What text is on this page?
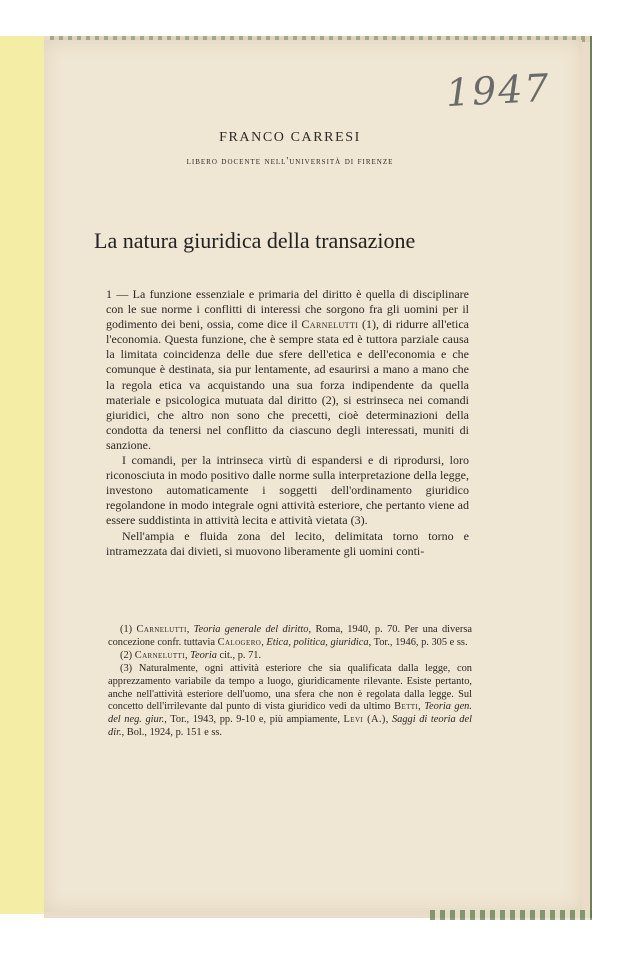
1947
FRANCO CARRESI
libero docente nell'università di firenze
La natura giuridica della transazione

1 — La funzione essenziale e primaria del diritto è quella di disciplinare con le sue norme i conflitti di interessi che sorgono fra gli uomini per il godimento dei beni, ossia, come dice il Carnelutti (1), di ridurre all'etica l'economia. Questa funzione, che è sempre stata ed è tuttora parziale causa la limitata coincidenza delle due sfere dell'etica e dell'economia e che comunque è destinata, sia pur lentamente, ad esaurirsi a mano a mano che la regola etica va acquistando una sua forza indipendente da quella materiale e psicologica mutuata dal diritto (2), si estrinseca nei comandi giuridici, che altro non sono che precetti, cioè determinazioni della condotta da tenersi nel conflitto da ciascuno degli interessati, muniti di sanzione.

I comandi, per la intrinseca virtù di espandersi e di riprodursi, loro riconosciuta in modo positivo dalle norme sulla interpretazione della legge, investono automaticamente i soggetti dell'ordinamento giuridico regolandone in modo integrale ogni attività esteriore, che pertanto viene ad essere suddistinta in attività lecita e attività vietata (3).

Nell'ampia e fluida zona del lecito, delimitata torno torno e intramezzata dai divieti, si muovono liberamente gli uomini conti-

(1) Carnelutti, Teoria generale del diritto, Roma, 1940, p. 70. Per una diversa concezione confr. tuttavia Calogero, Etica, politica, giuridica, Tor., 1946, p. 305 e ss.

(2) Carnelutti, Teoria cit., p. 71.

(3) Naturalmente, ogni attività esteriore che sia qualificata dalla legge, con apprezzamento variabile da tempo a luogo, giuridicamente rilevante. Esiste pertanto, anche nell'attività esteriore dell'uomo, una sfera che non è regolata dalla legge. Sul concetto dell'irrilevante dal punto di vista giuridico vedi da ultimo Betti, Teoria gen. del neg. giur., Tor., 1943, pp. 9-10 e, più ampiamente, Levi (A.), Saggi di teoria del dir., Bol., 1924, p. 151 e ss.
